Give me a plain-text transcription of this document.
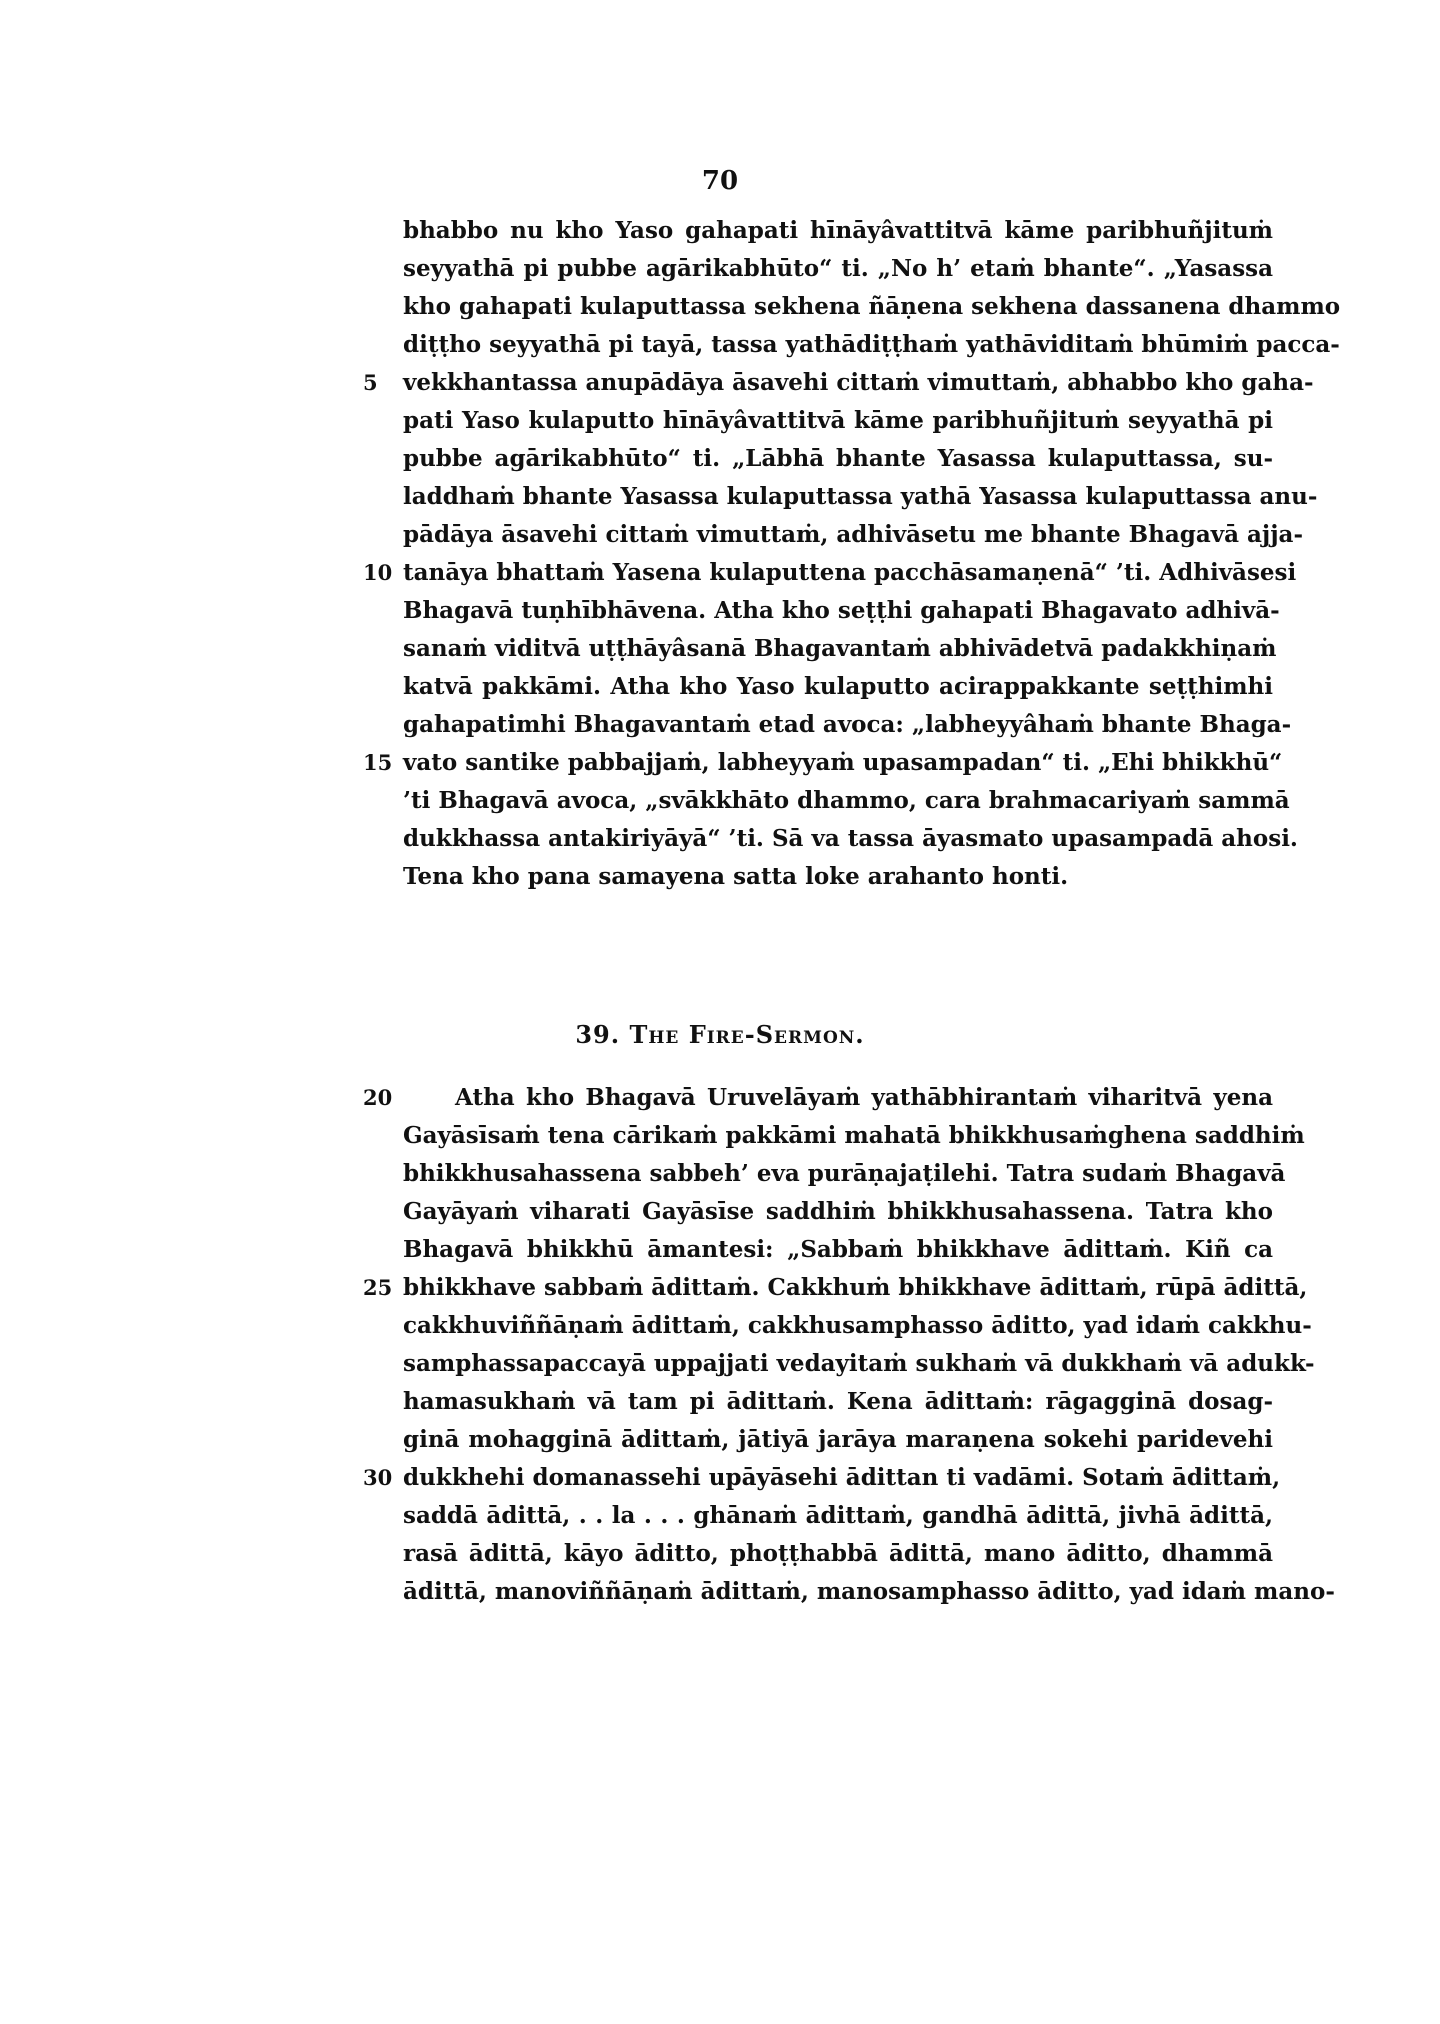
70
bhabbo nu kho Yaso gahapati hīnāyâvattitvā kāme paribhuñjituṁ
seyyathā pi pubbe agārikabhūto“ ti. „No h’ etaṁ bhante“. „Yasassa
kho gahapati kulaputtassa sekhena ñāṇena sekhena dassanena dhammo
diṭṭho seyyathā pi tayā, tassa yathādiṭṭhaṁ yathāviditaṁ bhūmiṁ pacca-
vekkhantassa anupādāya āsavehi cittaṁ vimuttaṁ, abhabbo kho gaha-
5
pati Yaso kulaputto hīnāyâvattitvā kāme paribhuñjituṁ seyyathā pi
pubbe agārikabhūto“ ti. „Lābhā bhante Yasassa kulaputtassa, su-
laddhaṁ bhante Yasassa kulaputtassa yathā Yasassa kulaputtassa anu-
pādāya āsavehi cittaṁ vimuttaṁ, adhivāsetu me bhante Bhagavā ajja-
tanāya bhattaṁ Yasena kulaputtena pacchāsamaṇenā“ ’ti. Adhivāsesi
10
Bhagavā tuṇhībhāvena. Atha kho seṭṭhi gahapati Bhagavato adhivā-
sanaṁ viditvā uṭṭhāyâsanā Bhagavantaṁ abhivādetvā padakkhiṇaṁ
katvā pakkāmi. Atha kho Yaso kulaputto acirappakkante seṭṭhimhi
gahapatimhi Bhagavantaṁ etad avoca: „labheyyâhaṁ bhante Bhaga-
vato santike pabbajjaṁ, labheyyaṁ upasampadan“ ti. „Ehi bhikkhū“
15
’ti Bhagavā avoca, „svākkhāto dhammo, cara brahmacariyaṁ sammā
dukkhassa antakiriyāyā“ ’ti. Sā va tassa āyasmato upasampadā ahosi.
Tena kho pana samayena satta loke arahanto honti.
39. The Fire-Sermon.
Atha kho Bhagavā Uruvelāyaṁ yathābhirantaṁ viharitvā yena
20
Gayāsīsaṁ tena cārikaṁ pakkāmi mahatā bhikkhusaṁghena saddhiṁ
bhikkhusahassena sabbeh’ eva purāṇajaṭilehi. Tatra sudaṁ Bhagavā
Gayāyaṁ viharati Gayāsīse saddhiṁ bhikkhusahassena. Tatra kho
Bhagavā bhikkhū āmantesi: „Sabbaṁ bhikkhave ādittaṁ. Kiñ ca
bhikkhave sabbaṁ ādittaṁ. Cakkhuṁ bhikkhave ādittaṁ, rūpā ādittā,
25
cakkhuviññāṇaṁ ādittaṁ, cakkhusamphasso āditto, yad idaṁ cakkhu-
samphassapaccayā uppajjati vedayitaṁ sukhaṁ vā dukkhaṁ vā adukk-
hamasukhaṁ vā tam pi ādittaṁ. Kena ādittaṁ: rāgagginā dosag-
ginā mohagginā ādittaṁ, jātiyā jarāya maraṇena sokehi paridevehi
dukkhehi domanassehi upāyāsehi ādittan ti vadāmi. Sotaṁ ādittaṁ,
30
saddā ādittā, . . la . . . ghānaṁ ādittaṁ, gandhā ādittā, jivhā ādittā,
rasā ādittā, kāyo āditto, phoṭṭhabbā ādittā, mano āditto, dhammā
ādittā, manoviññāṇaṁ ādittaṁ, manosamphasso āditto, yad idaṁ mano-
